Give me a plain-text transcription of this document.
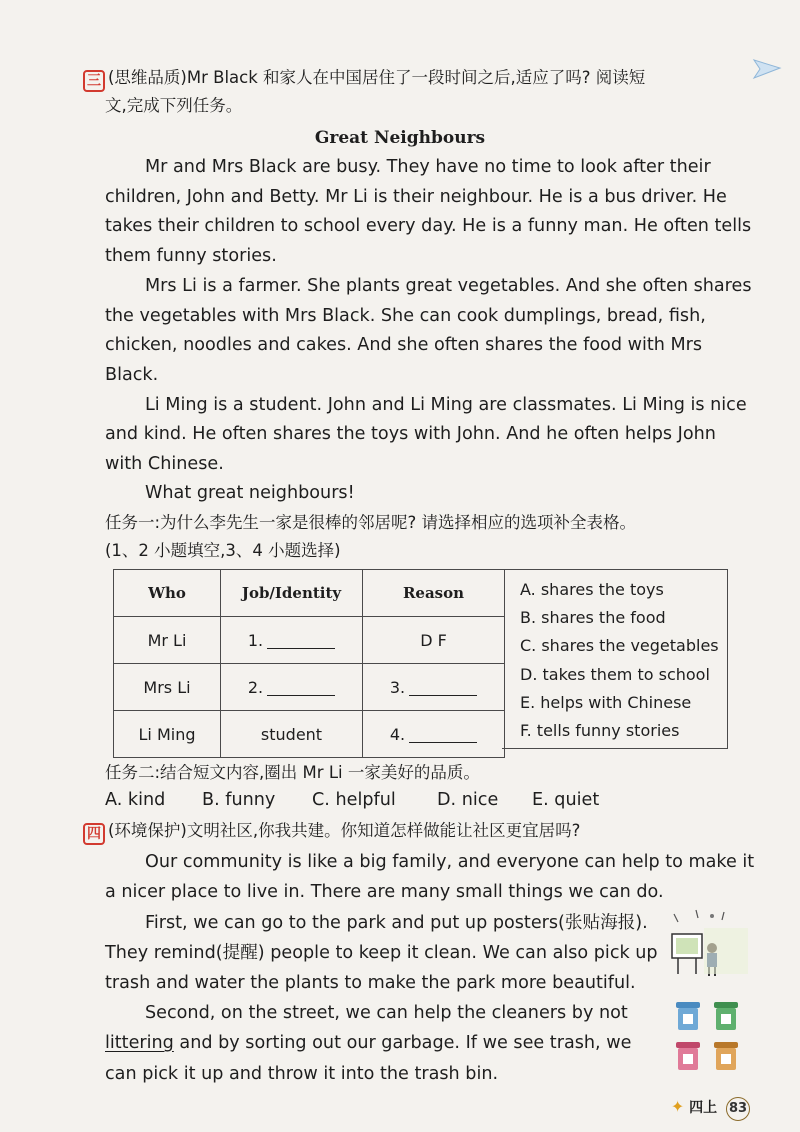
三 (思维品质)Mr Black 和家人在中国居住了一段时间之后,适应了吗? 阅读短
文,完成下列任务。
Great Neighbours
Mr and Mrs Black are busy. They have no time to look after their
children, John and Betty. Mr Li is their neighbour. He is a bus driver. He
takes their children to school every day. He is a funny man. He often tells
them funny stories.
Mrs Li is a farmer. She plants great vegetables. And she often shares
the vegetables with Mrs Black. She can cook dumplings, bread, fish,
chicken, noodles and cakes. And she often shares the food with Mrs
Black.
Li Ming is a student. John and Li Ming are classmates. Li Ming is nice
and kind. He often shares the toys with John. And he often helps John
with Chinese.
What great neighbours!
任务一:为什么李先生一家是很棒的邻居呢? 请选择相应的选项补全表格。
(1、2 小题填空,3、4 小题选择)
Who	Job/Identity	Reason
Mr Li	1.	D F
Mrs Li	2.	3.
Li Ming	student	4.
A. shares the toys
B. shares the food
C. shares the vegetables
D. takes them to school
E. helps with Chinese
F. tells funny stories
任务二:结合短文内容,圈出 Mr Li 一家美好的品质。
A. kind B. funny C. helpful D. nice E. quiet
四 (环境保护)文明社区,你我共建。你知道怎样做能让社区更宜居吗?
Our community is like a big family, and everyone can help to make it
a nicer place to live in. There are many small things we can do.
First, we can go to the park and put up posters(张贴海报).
They remind(提醒) people to keep it clean. We can also pick up
trash and water the plants to make the park more beautiful.
Second, on the street, we can help the cleaners by not
littering and by sorting out our garbage. If we see trash, we
can pick it up and throw it into the trash bin.
✦ 四上 83
